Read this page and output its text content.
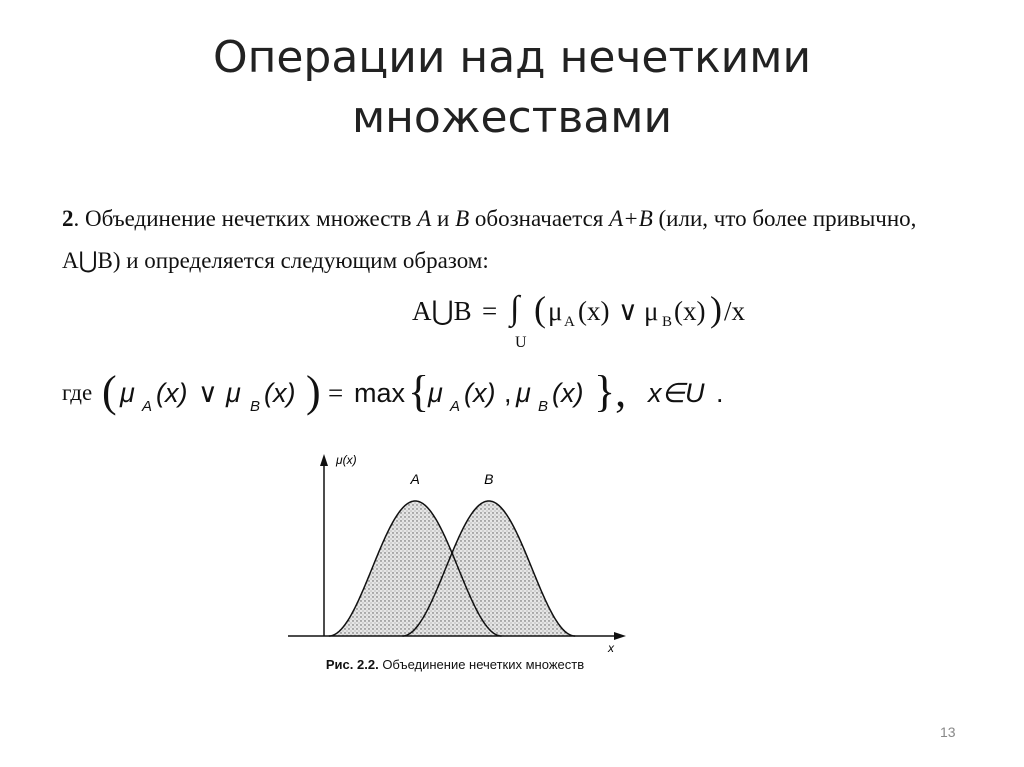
Операции над нечеткими
множествами
2. Объединение нечетких множеств A и B обозначается A+B (или, что более привычно, A⋃B) и определяется следующим образом:
A⋃B = ∫
U
( μ A (x) ∨ μ B (x) ) /x
где ( μ A (x) ∨ μ B (x) ) = max {
μ A (x) , μ B (x) }, x∈U .
μ(x)
x
A	B
Рис. 2.2. Объединение нечетких множеств
13
